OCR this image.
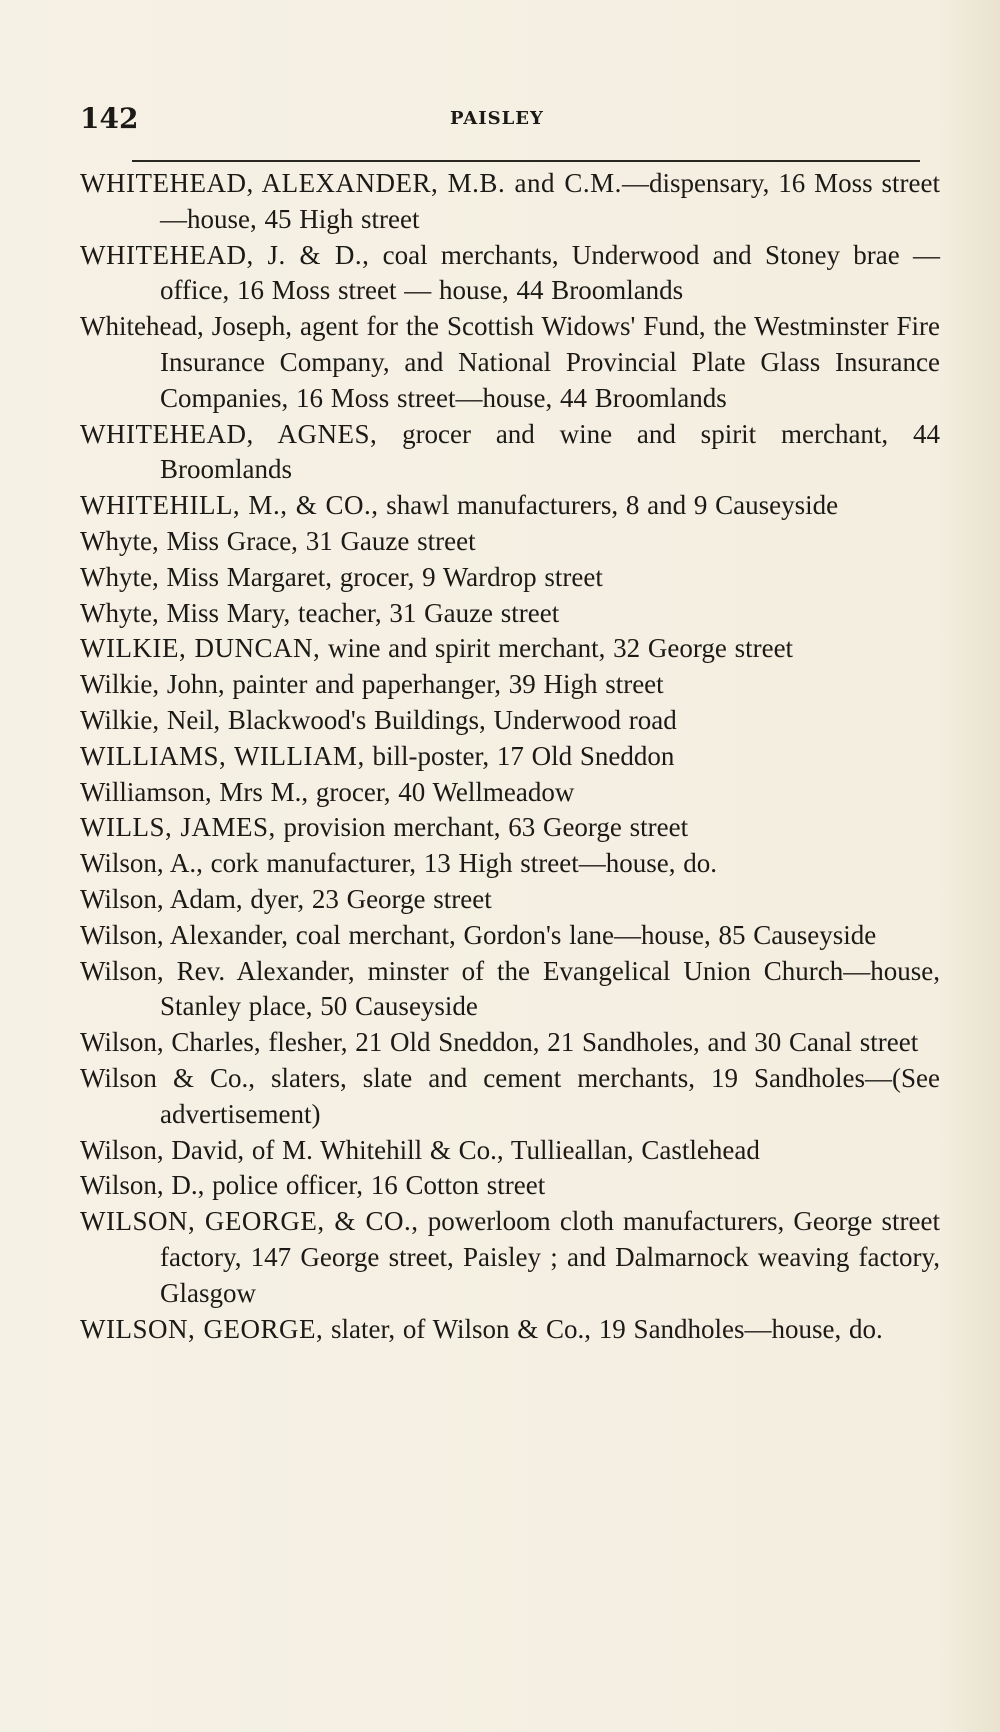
142	PAISLEY
WHITEHEAD, ALEXANDER, M.B. and C.M.—dispensary, 16 Moss street—house, 45 High street
WHITEHEAD, J. & D., coal merchants, Underwood and Stoney brae — office, 16 Moss street — house, 44 Broomlands
Whitehead, Joseph, agent for the Scottish Widows' Fund, the Westminster Fire Insurance Company, and National Provincial Plate Glass Insurance Companies, 16 Moss street—house, 44 Broomlands
WHITEHEAD, AGNES, grocer and wine and spirit merchant, 44 Broomlands
WHITEHILL, M., & CO., shawl manufacturers, 8 and 9 Causeyside
Whyte, Miss Grace, 31 Gauze street
Whyte, Miss Margaret, grocer, 9 Wardrop street
Whyte, Miss Mary, teacher, 31 Gauze street
WILKIE, DUNCAN, wine and spirit merchant, 32 George street
Wilkie, John, painter and paperhanger, 39 High street
Wilkie, Neil, Blackwood's Buildings, Underwood road
WILLIAMS, WILLIAM, bill-poster, 17 Old Sneddon
Williamson, Mrs M., grocer, 40 Wellmeadow
WILLS, JAMES, provision merchant, 63 George street
Wilson, A., cork manufacturer, 13 High street—house, do.
Wilson, Adam, dyer, 23 George street
Wilson, Alexander, coal merchant, Gordon's lane—house, 85 Causeyside
Wilson, Rev. Alexander, minster of the Evangelical Union Church—house, Stanley place, 50 Causeyside
Wilson, Charles, flesher, 21 Old Sneddon, 21 Sandholes, and 30 Canal street
Wilson & Co., slaters, slate and cement merchants, 19 Sandholes—(See advertisement)
Wilson, David, of M. Whitehill & Co., Tullieallan, Castlehead
Wilson, D., police officer, 16 Cotton street
WILSON, GEORGE, & CO., powerloom cloth manufacturers, George street factory, 147 George street, Paisley ; and Dalmarnock weaving factory, Glasgow
WILSON, GEORGE, slater, of Wilson & Co., 19 Sandholes—house, do.
